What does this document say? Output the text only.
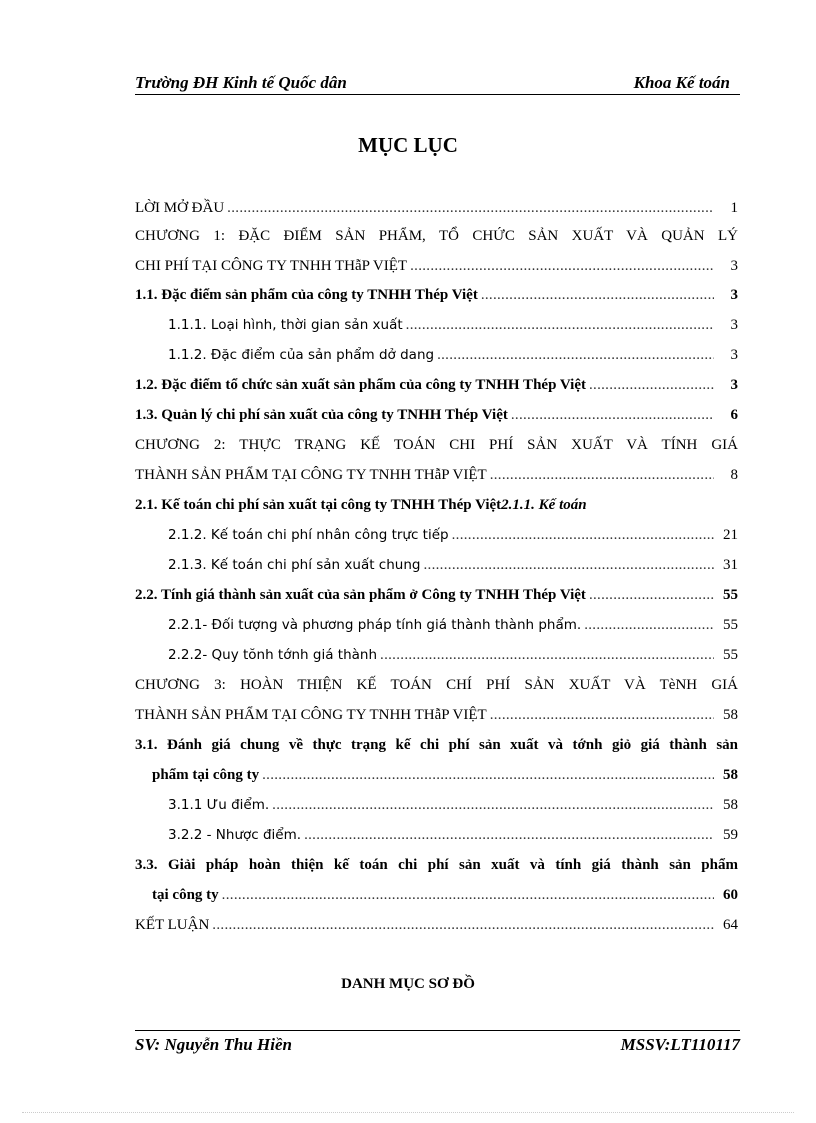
Trường ĐH Kinh tế Quốc dân	Khoa Kế toán
MỤC LỤC
LỜI MỞ ĐẦU .....	1
CHƯƠNG 1: ĐẶC ĐIỂM SẢN PHẨM, TỔ CHỨC SẢN XUẤT VÀ QUẢN LÝ
CHI PHÍ TẠI CÔNG TY TNHH THẫP VIỆT .....	3
1.1. Đặc điểm sản phẩm của công ty TNHH Thép Việt .....	3
1.1.1. Loại hình, thời gian sản xuất .....	3
1.1.2. Đặc điểm của sản phẩm dở dang .....	3
1.2. Đặc điểm tổ chức sản xuất sản phẩm của công ty TNHH Thép Việt .....	3
1.3. Quản lý chi phí sản xuất của công ty TNHH Thép Việt .....	6
CHƯƠNG 2: THỰC TRẠNG KẾ TOÁN CHI PHÍ SẢN XUẤT VÀ TÍNH GIÁ
THÀNH SẢN PHẨM TẠI CÔNG TY TNHH THẫP VIỆT .....	8
2.1. Kế toán chi phí sản xuất tại công ty TNHH Thép Việt 2.1.1. Kế toán
2.1.2. Kế toán chi phí nhân công trực tiếp .....	21
2.1.3. Kế toán chi phí sản xuất chung .....	31
2.2. Tính giá thành sản xuất của sản phẩm ở Công ty TNHH Thép Việt .....	55
2.2.1- Đối tượng và phương pháp tính giá thành thành phẩm. .....	55
2.2.2- Quy tŏnh tớnh giá thành .....	55
CHƯƠNG 3: HOÀN THIỆN KẾ TOÁN CHÍ PHÍ SẢN XUẤT VÀ TèNH GIÁ
THÀNH SẢN PHẨM TẠI CÔNG TY TNHH THẫP VIỆT .....	58
3.1. Đánh giá chung về thực trạng kế chi phí sản xuất và tớnh giỏ giá thành sản
phẩm tại công ty .....	58
3.1.1 Ưu điểm. .....	58
3.2.2 - Nhược điểm. .....	59
3.3. Giải pháp hoàn thiện kế toán chi phí sản xuất và tính giá thành sản phẩm
tại công ty .....	60
KẾT LUẬN .....	64
DANH MỤC SƠ ĐỒ
SV: Nguyễn Thu Hiền	MSSV:LT110117
